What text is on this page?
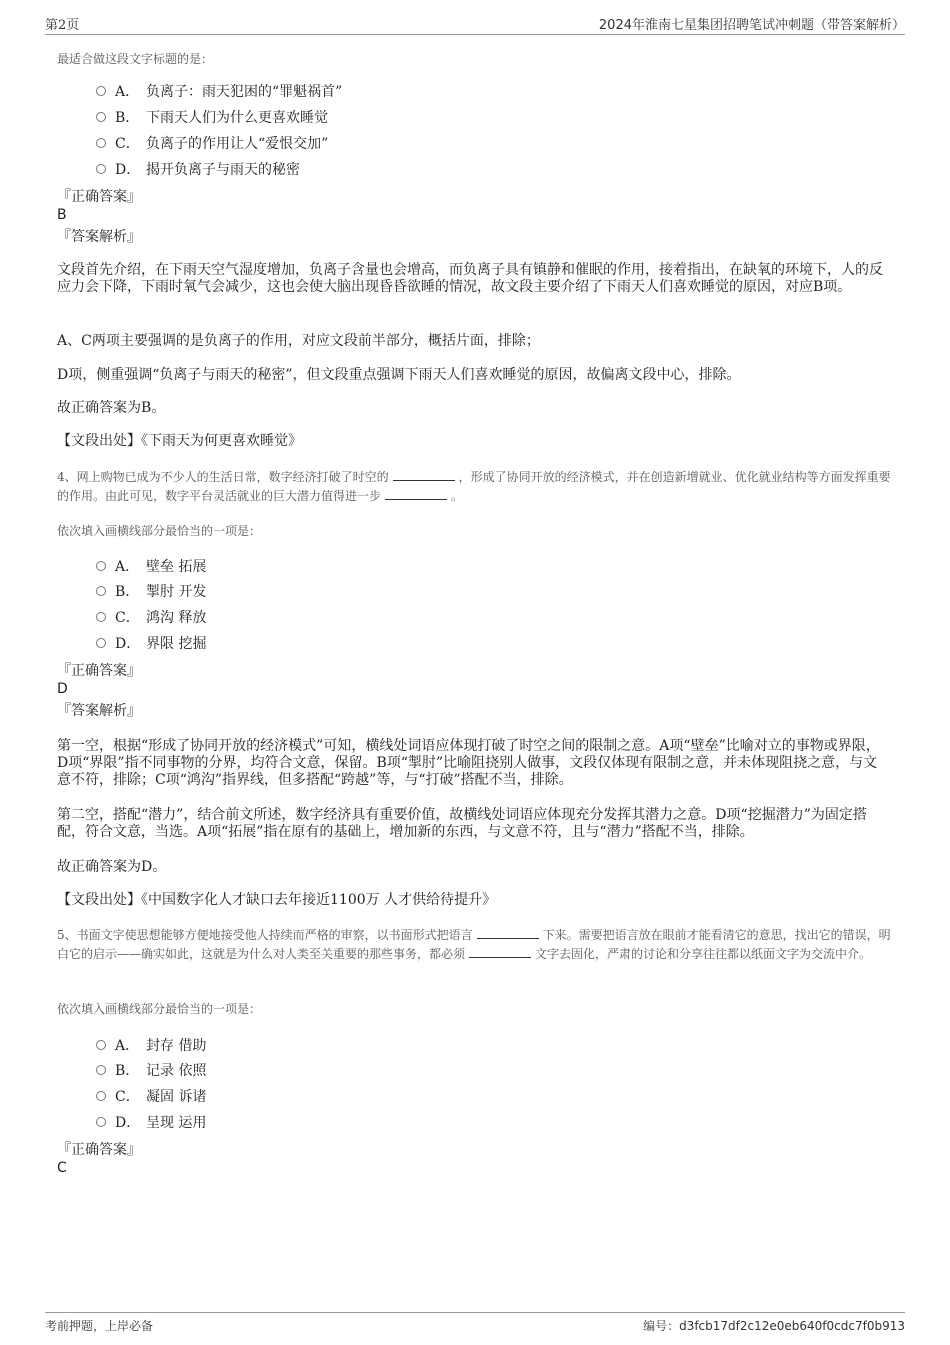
第2页	2024年淮南七星集团招聘笔试冲刺题（带答案解析）
最适合做这段文字标题的是：
A． 负离子：雨天犯困的“罪魁祸首”
B． 下雨天人们为什么更喜欢睡觉
C． 负离子的作用让人“爱恨交加”
D． 揭开负离子与雨天的秘密
『正确答案』
B
『答案解析』
文段首先介绍，在下雨天空气湿度增加，负离子含量也会增高，而负离子具有镇静和催眠的作用，接着指出，在缺氧的环境下，人的反应力会下降，下雨时氧气会减少，这也会使大脑出现昏昏欲睡的情况，故文段主要介绍了下雨天人们喜欢睡觉的原因，对应B项。
A、C两项主要强调的是负离子的作用，对应文段前半部分，概括片面，排除；
D项，侧重强调“负离子与雨天的秘密”，但文段重点强调下雨天人们喜欢睡觉的原因，故偏离文段中心，排除。
故正确答案为B。
【文段出处】《下雨天为何更喜欢睡觉》
4、网上购物已成为不少人的生活日常，数字经济打破了时空的	，形成了协同开放的经济模式，并在创造新增就业、优化就业结构等方面发挥重要的作用。由此可见，数字平台灵活就业的巨大潜力值得进一步	。
依次填入画横线部分最恰当的一项是：
A． 壁垒 拓展
B． 掣肘 开发
C． 鸿沟 释放
D． 界限 挖掘
『正确答案』
D
『答案解析』
第一空，根据“形成了协同开放的经济模式”可知，横线处词语应体现打破了时空之间的限制之意。A项“壁垒”比喻对立的事物或界限，D项“界限”指不同事物的分界，均符合文意，保留。B项“掣肘”比喻阻挠别人做事，文段仅体现有限制之意，并未体现阻挠之意，与文意不符，排除；C项“鸿沟”指界线，但多搭配“跨越”等，与“打破”搭配不当，排除。
第二空，搭配“潜力”，结合前文所述，数字经济具有重要价值，故横线处词语应体现充分发挥其潜力之意。D项“挖掘潜力”为固定搭配，符合文意，当选。A项“拓展”指在原有的基础上，增加新的东西，与文意不符，且与“潜力”搭配不当，排除。
故正确答案为D。
【文段出处】《中国数字化人才缺口去年接近1100万 人才供给待提升》
5、书面文字使思想能够方便地接受他人持续而严格的审察，以书面形式把语言	下来。需要把语言放在眼前才能看清它的意思，找出它的错误，明白它的启示——确实如此，这就是为什么对人类至关重要的那些事务，都必须	文字去固化，严肃的讨论和分享往往都以纸面文字为交流中介。
依次填入画横线部分最恰当的一项是：
A． 封存 借助
B． 记录 依照
C． 凝固 诉诸
D． 呈现 运用
『正确答案』
C
考前押题，上岸必备	编号：d3fcb17df2c12e0eb640f0cdc7f0b913
